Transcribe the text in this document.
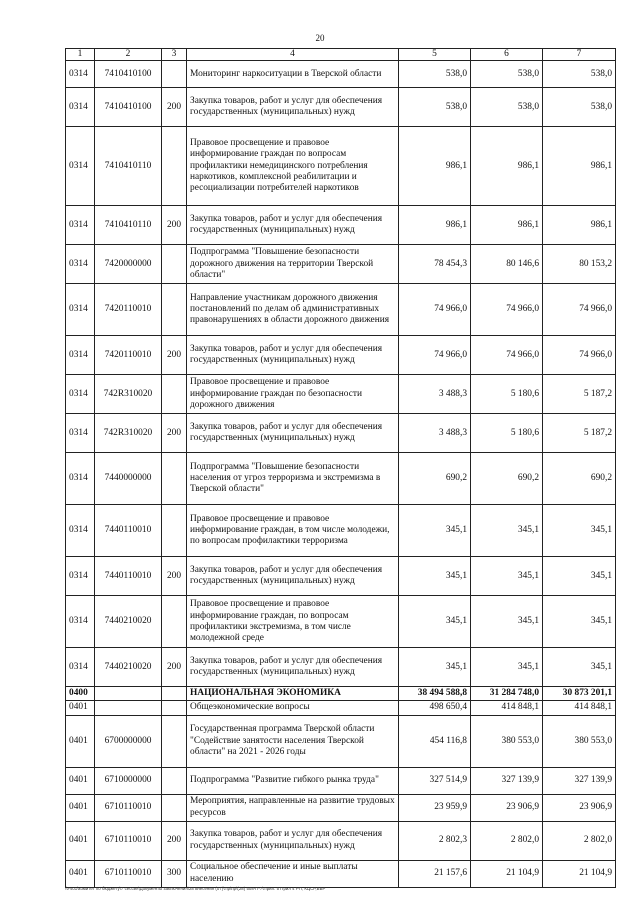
20
1	2	3	4	5	6	7
0314	7410410100		Мониторинг наркоситуации в Тверской области	538,0	538,0	538,0
0314	7410410100	200	Закупка товаров, работ и услуг для обеспечения государственных (муниципальных) нужд	538,0	538,0	538,0
0314	7410410110		Правовое просвещение и правовое информирование граждан по вопросам профилактики немедицинского потребления наркотиков, комплексной реабилитации и ресоциализации потребителей наркотиков	986,1	986,1	986,1
0314	7410410110	200	Закупка товаров, работ и услуг для обеспечения государственных (муниципальных) нужд	986,1	986,1	986,1
0314	7420000000		Подпрограмма "Повышение безопасности дорожного движения на территории Тверской области"	78 454,3	80 146,6	80 153,2
0314	7420110010		Направление участникам дорожного движения постановлений по делам об административных правонарушениях в области дорожного движения	74 966,0	74 966,0	74 966,0
0314	7420110010	200	Закупка товаров, работ и услуг для обеспечения государственных (муниципальных) нужд	74 966,0	74 966,0	74 966,0
0314	742R310020		Правовое просвещение и правовое информирование граждан по безопасности дорожного движения	3 488,3	5 180,6	5 187,2
0314	742R310020	200	Закупка товаров, работ и услуг для обеспечения государственных (муниципальных) нужд	3 488,3	5 180,6	5 187,2
0314	7440000000		Подпрограмма "Повышение безопасности населения от угроз терроризма и экстремизма в Тверской области"	690,2	690,2	690,2
0314	7440110010		Правовое просвещение и правовое информирование граждан, в том числе молодежи, по вопросам профилактики терроризма	345,1	345,1	345,1
0314	7440110010	200	Закупка товаров, работ и услуг для обеспечения государственных (муниципальных) нужд	345,1	345,1	345,1
0314	7440210020		Правовое просвещение и правовое информирование граждан, по вопросам профилактики экстремизма, в том числе молодежной среде	345,1	345,1	345,1
0314	7440210020	200	Закупка товаров, работ и услуг для обеспечения государственных (муниципальных) нужд	345,1	345,1	345,1
0400			НАЦИОНАЛЬНАЯ ЭКОНОМИКА	38 494 588,8	31 284 748,0	30 873 201,1
0401			Общеэкономические вопросы	498 650,4	414 848,1	414 848,1
0401	6700000000		Государственная программа Тверской области "Содействие занятости населения Тверской области" на 2021 - 2026 годы	454 116,8	380 553,0	380 553,0
0401	6710000000		Подпрограмма "Развитие гибкого рынка труда"	327 514,9	327 139,9	327 139,9
0401	6710110010		Мероприятия, направленные на развитие трудовых ресурсов	23 959,9	23 906,9	23 906,9
0401	6710110010	200	Закупка товаров, работ и услуг для обеспечения государственных (муниципальных) нужд	2 802,3	2 802,0	2 802,0
0401	6710110010	300	Социальное обеспечение и иные выплаты населению	21 157,6	21 104,9	21 104,9
\\Fs01\комитет по бюджету\7 сессия\Документы заключения\28 внесения (07)\Пр\пр\(28) 508-П-7\Прил. 5 Прил 4 РП, КЦСР,ВВР
